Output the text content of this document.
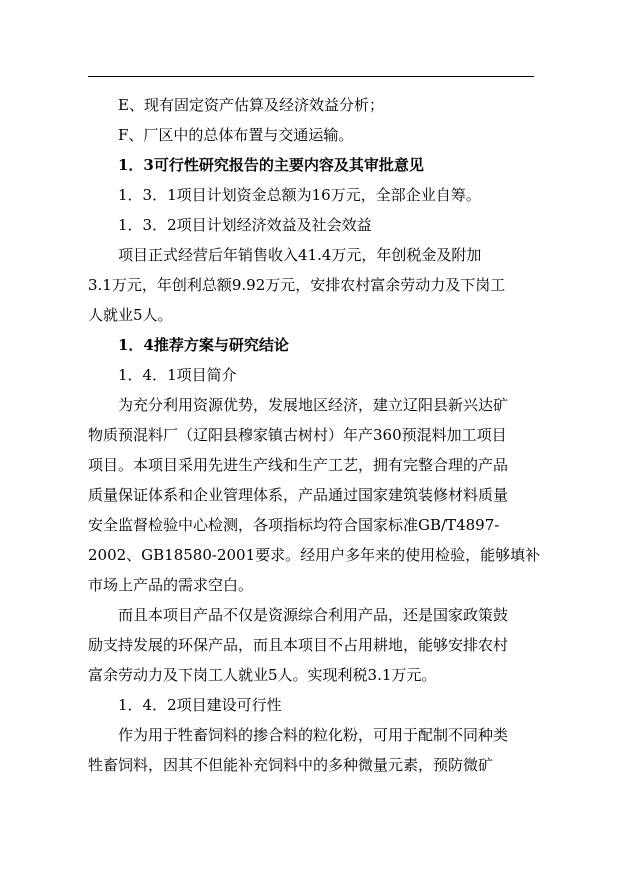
E、现有固定资产估算及经济效益分析；
F、厂区中的总体布置与交通运输。
1．3可行性研究报告的主要内容及其审批意见
1．3．1项目计划资金总额为16万元，全部企业自筹。
1．3．2项目计划经济效益及社会效益
项目正式经营后年销售收入41.4万元，年创税金及附加
3.1万元，年创利总额9.92万元，安排农村富余劳动力及下岗工
人就业5人。
1．4推荐方案与研究结论
1．4．1项目简介
为充分利用资源优势，发展地区经济，建立辽阳县新兴达矿
物质预混料厂（辽阳县穆家镇古树村）年产360预混料加工项目
项目。本项目采用先进生产线和生产工艺，拥有完整合理的产品
质量保证体系和企业管理体系，产品通过国家建筑装修材料质量
安全监督检验中心检测，各项指标均符合国家标准GB/T4897-
2002、GB18580-2001要求。经用户多年来的使用检验，能够填补
市场上产品的需求空白。
而且本项目产品不仅是资源综合利用产品，还是国家政策鼓
励支持发展的环保产品，而且本项目不占用耕地，能够安排农村
富余劳动力及下岗工人就业5人。实现利税3.1万元。
1．4．2项目建设可行性
作为用于牲畜饲料的掺合料的粒化粉，可用于配制不同种类
牲畜饲料，因其不但能补充饲料中的多种微量元素，预防微矿
